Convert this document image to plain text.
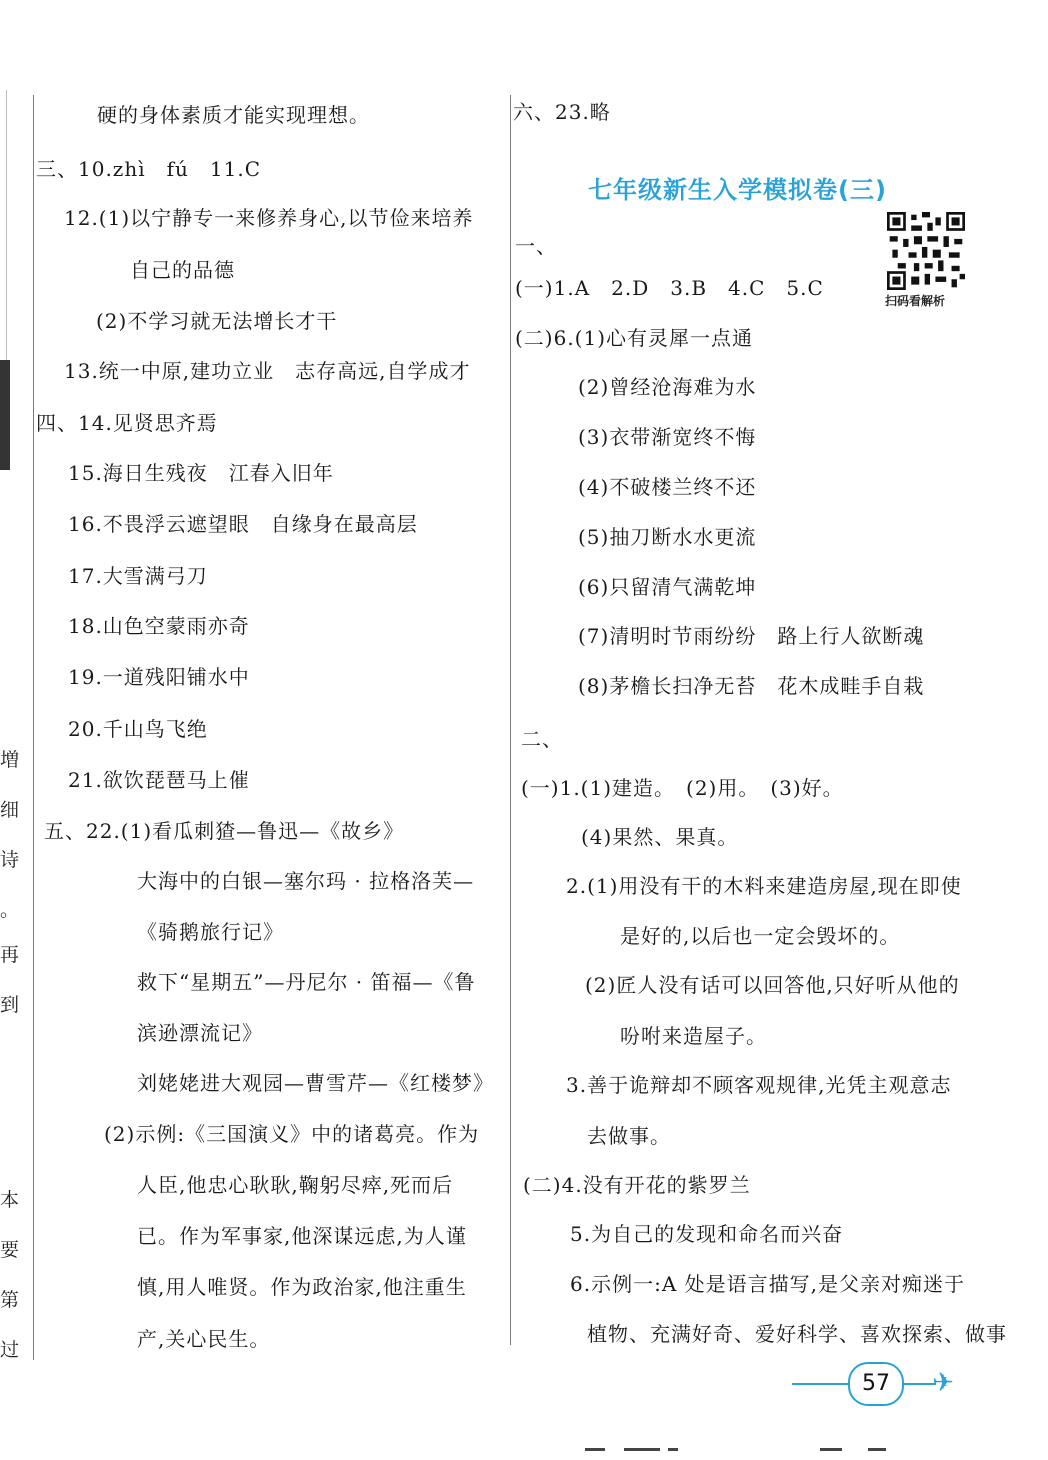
増
细
诗
。
再
到
本
要
第
过
硬的身体素质才能实现理想。
三、10.zhì　fú　11.C
12.(1)以宁静专一来修养身心,以节俭来培养
自己的品德
(2)不学习就无法增长才干
13.统一中原,建功立业　志存高远,自学成才
四、14.见贤思齐焉
15.海日生残夜　江春入旧年
16.不畏浮云遮望眼　自缘身在最高层
17.大雪满弓刀
18.山色空蒙雨亦奇
19.一道残阳铺水中
20.千山鸟飞绝
21.欲饮琵琶马上催
五、22.(1)看瓜刺猹—鲁迅—《故乡》
大海中的白银—塞尔玛 · 拉格洛芙—
《骑鹅旅行记》
救下“星期五”—丹尼尔 · 笛福—《鲁
滨逊漂流记》
刘姥姥进大观园—曹雪芹—《红楼梦》
(2)示例:《三国演义》中的诸葛亮。作为
人臣,他忠心耿耿,鞠躬尽瘁,死而后
已。作为军事家,他深谋远虑,为人谨
慎,用人唯贤。作为政治家,他注重生
产,关心民生。
六、23.略
七年级新生入学模拟卷(三)
扫码看解析
一、
(一)1.A　2.D　3.B　4.C　5.C
(二)6.(1)心有灵犀一点通
(2)曾经沧海难为水
(3)衣带渐宽终不悔
(4)不破楼兰终不还
(5)抽刀断水水更流
(6)只留清气满乾坤
(7)清明时节雨纷纷　路上行人欲断魂
(8)茅檐长扫净无苔　花木成畦手自栽
二、
(一)1.(1)建造。　(2)用。　(3)好。
(4)果然、果真。
2.(1)用没有干的木料来建造房屋,现在即使
是好的,以后也一定会毁坏的。
(2)匠人没有话可以回答他,只好听从他的
吩咐来造屋子。
3.善于诡辩却不顾客观规律,光凭主观意志
去做事。
(二)4.没有开花的紫罗兰
5.为自己的发现和命名而兴奋
6.示例一:A 处是语言描写,是父亲对痴迷于
植物、充满好奇、爱好科学、喜欢探索、做事
57	✈
